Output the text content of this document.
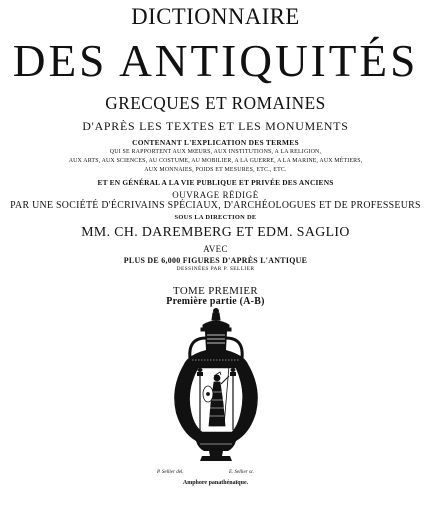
DICTIONNAIRE
DES ANTIQUITÉS
GRECQUES ET ROMAINES
D'APRÈS LES TEXTES ET LES MONUMENTS
CONTENANT L'EXPLICATION DES TERMES
QUI SE RAPPORTENT AUX MŒURS, AUX INSTITUTIONS, A LA RELIGION,
AUX ARTS, AUX SCIENCES, AU COSTUME, AU MOBILIER, A LA GUERRE, A LA MARINE, AUX MÉTIERS,
AUX MONNAIES, POIDS ET MESURES, ETC., ETC.
ET EN GÉNÉRAL A LA VIE PUBLIQUE ET PRIVÉE DES ANCIENS
OUVRAGE RÉDIGÉ
PAR UNE SOCIÉTÉ D'ÉCRIVAINS SPÉCIAUX, D'ARCHÉOLOGUES ET DE PROFESSEURS
SOUS LA DIRECTION DE
MM. CH. DAREMBERG ET EDM. SAGLIO
AVEC
PLUS DE 6,000 FIGURES D'APRÈS L'ANTIQUE
DESSINÉES PAR P. SELLIER
TOME PREMIER
Première partie (A-B)
P. Sellier del.	E. Sellier sc.
Amphore panathénaïque.
